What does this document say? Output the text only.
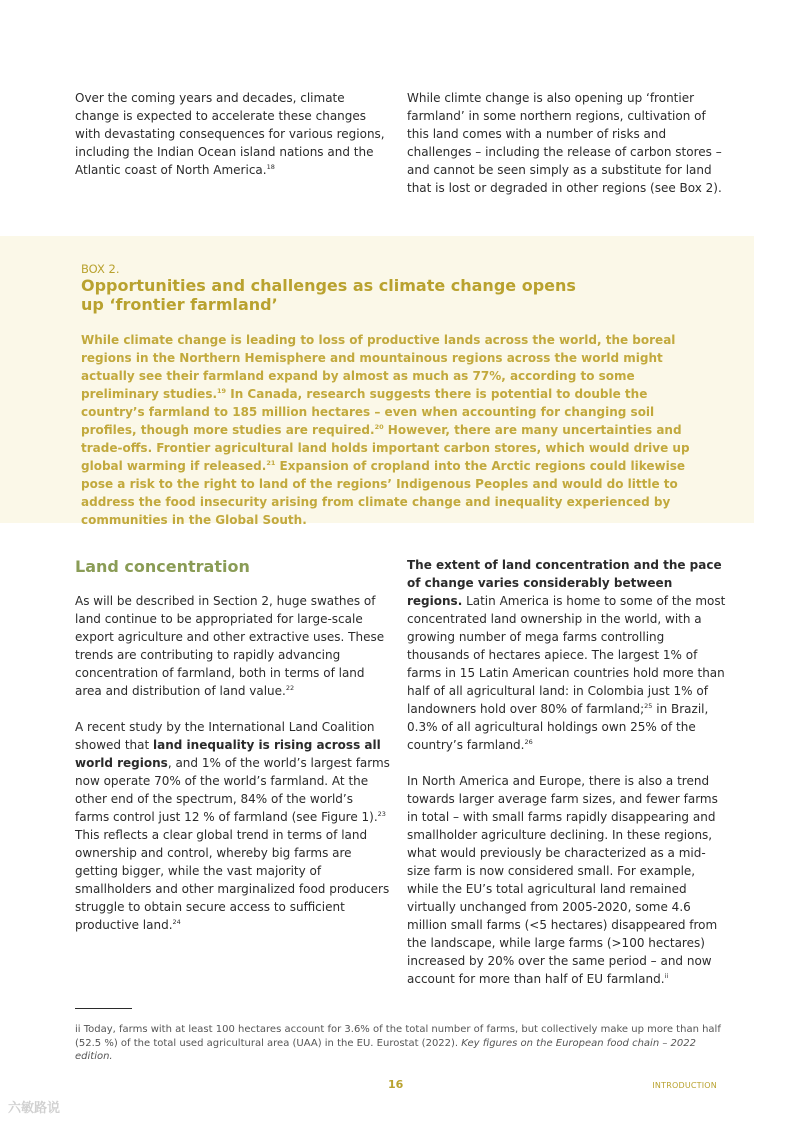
Over the coming years and decades, climate change is expected to accelerate these changes with devastating consequences for various regions, including the Indian Ocean island nations and the Atlantic coast of North America.$^{18}$

While climte change is also opening up ‘frontier farmland’ in some northern regions, cultivation of this land comes with a number of risks and challenges – including the release of carbon stores – and cannot be seen simply as a substitute for land that is lost or degraded in other regions (see Box 2).

BOX 2.
Opportunities and challenges as climate change opens up ‘frontier farmland’
While climate change is leading to loss of productive lands across the world, the boreal regions in the Northern Hemisphere and mountainous regions across the world might actually see their farmland expand by almost as much as 77%, according to some preliminary studies.$^{19}$ In Canada, research suggests there is potential to double the country’s farmland to 185 million hectares – even when accounting for changing soil profiles, though more studies are required.$^{20}$ However, there are many uncertainties and trade-offs. Frontier agricultural land holds important carbon stores, which would drive up global warming if released.$^{21}$ Expansion of cropland into the Arctic regions could likewise pose a risk to the right to land of the regions’ Indigenous Peoples and would do little to address the food insecurity arising from climate change and inequality experienced by communities in the Global South.
Land concentration

As will be described in Section 2, huge swathes of land continue to be appropriated for large-scale export agriculture and other extractive uses. These trends are contributing to rapidly advancing concentration of farmland, both in terms of land area and distribution of land value.$^{22}$

A recent study by the International Land Coalition showed that land inequality is rising across all world regions, and 1% of the world’s largest farms now operate 70% of the world’s farmland. At the other end of the spectrum, 84% of the world’s farms control just 12 % of farmland (see Figure 1).$^{23}$ This reflects a clear global trend in terms of land ownership and control, whereby big farms are getting bigger, while the vast majority of smallholders and other marginalized food producers struggle to obtain secure access to sufficient productive land.$^{24}$

The extent of land concentration and the pace of change varies considerably between regions. Latin America is home to some of the most concentrated land ownership in the world, with a growing number of mega farms controlling thousands of hectares apiece. The largest 1% of farms in 15 Latin American countries hold more than half of all agricultural land: in Colombia just 1% of landowners hold over 80% of farmland;$^{25}$ in Brazil, 0.3% of all agricultural holdings own 25% of the country’s farmland.$^{26}$

In North America and Europe, there is also a trend towards larger average farm sizes, and fewer farms in total – with small farms rapidly disappearing and smallholder agriculture declining. In these regions, what would previously be characterized as a mid-size farm is now considered small. For example, while the EU’s total agricultural land remained virtually unchanged from 2005-2020, some 4.6 million small farms (<5 hectares) disappeared from the landscape, while large farms (>100 hectares) increased by 20% over the same period – and now account for more than half of EU farmland.$^{ii}$

ii Today, farms with at least 100 hectares account for 3.6% of the total number of farms, but collectively make up more than half (52.5 %) of the total used agricultural area (UAA) in the EU. Eurostat (2022). Key figures on the European food chain – 2022 edition.
16	INTRODUCTION
六敏路说
